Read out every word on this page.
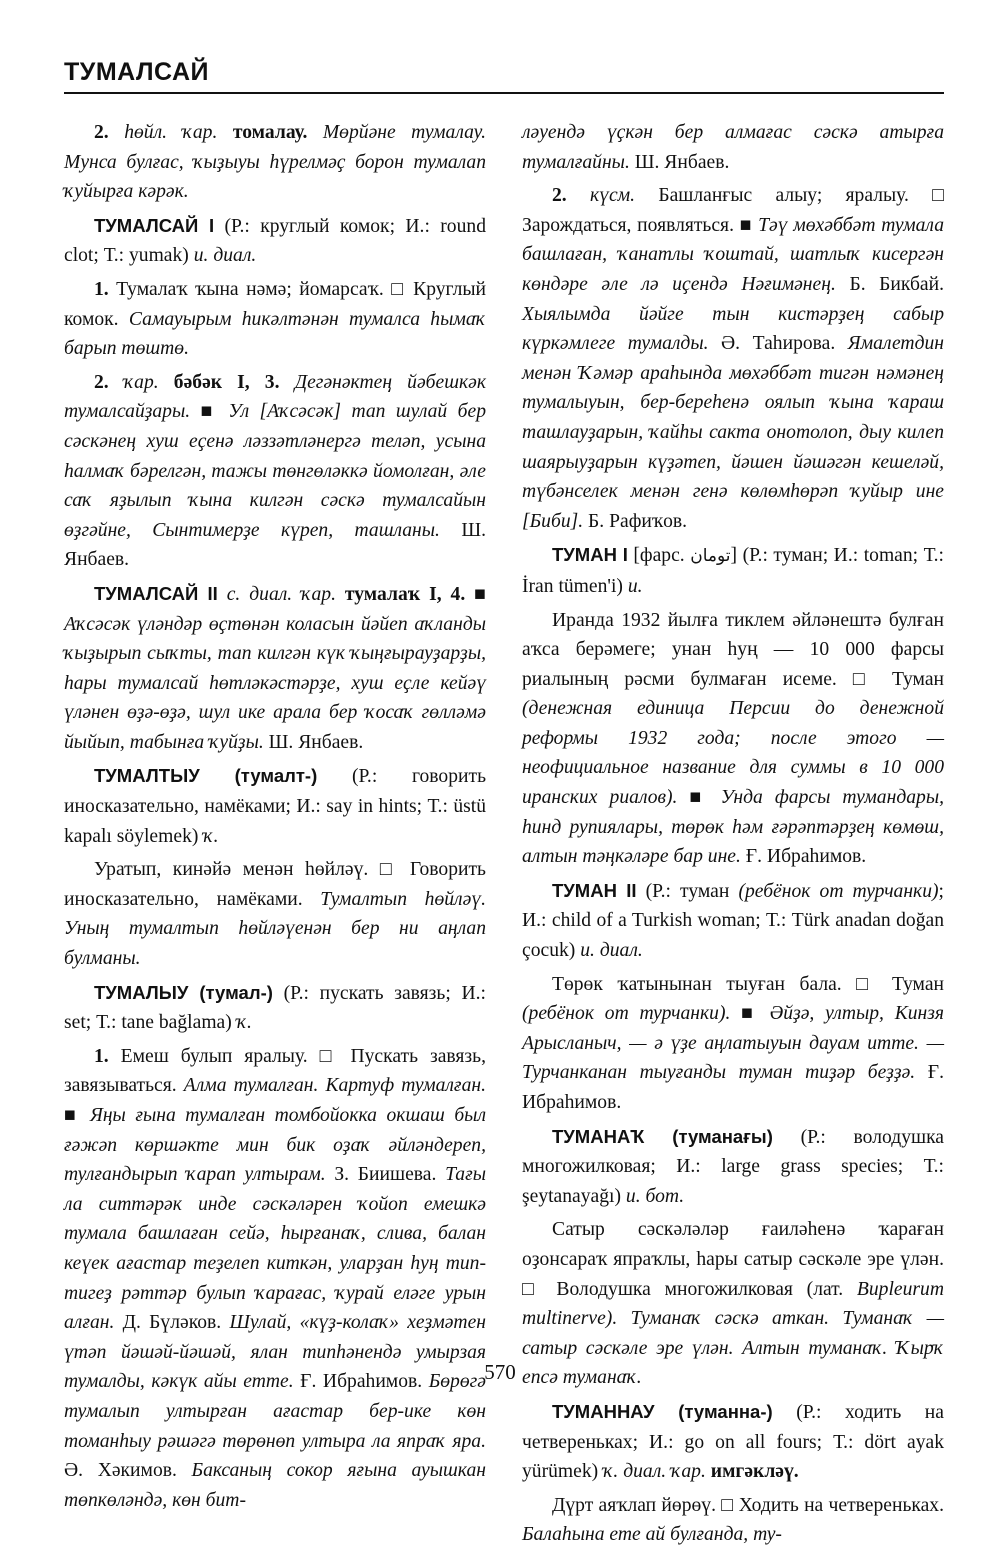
ТУМАЛСАЙ

2. һөйл. ҡар. томалау. Мөрйәне тумалау. Мунса булғас, ҡыҙыуы һүрелмәҫ борон тумалап ҡуйырға кәрәк.

ТУМАЛСАЙ I (Р.: круглый комок; И.: round clot; Т.: yumak) и. диал.

1. Тумалаҡ ҡына нәмә; йомарсаҡ. □ Круглый комок. Самауырым һикәлтәнән тумалса һымаҡ барып төштө.

2. ҡар. бәбәк I, 3. Дегәнәктең йәбешкәк тумалсайҙары. ■ Ул [Аҡсәсәк] тап шулай бер сәскәнең хуш еҫенә ләззәтләнергә теләп, усына һалмаҡ бәрелгән, тажы төнгөләккә йомолған, әле саҡ яҙылып ҡына килгән сәскә тумалсайын өҙгәйне, Сынтимерҙе күреп, ташланы. Ш. Янбаев.

ТУМАЛСАЙ II с. диал. ҡар. тумалаҡ I, 4. ■ Аҡсәсәк үләндәр өҫтөнән коласын йәйеп аҡланды ҡыҙырып сыҡты, тап килгән күк ҡыңғырауҙарҙы, һары тумалсай һөтләкәстәрҙе, хуш еҫле кейәү үләнен өҙә-өҙә, шул ике арала бер ҡосаҡ гөлләмә йыйып, табынға ҡуйҙы. Ш. Янбаев.

ТУМАЛТЫУ (тумалт-) (Р.: говорить иносказательно, намёками; И.: say in hints; Т.: üstü kapalı söylemek) ҡ.

Уратып, кинәйә менән һөйләү. □ Говорить иносказательно, намёками. Тумалтып һөйләү. Уның тумалтып һөйләүенән бер ни аңлап булманы.

ТУМАЛЫУ (тумал-) (Р.: пускать завязь; И.: set; Т.: tane bağlama) ҡ.

1. Емеш булып яралыу. □ Пускать завязь, завязываться. Алма тумалған. Картуф тумалған. ■ Яңы ғына тумалған томбойокка окшаш был ғәжәп көршәкте мин бик оҙаҡ әйләндереп, тулғандырып ҡарап ултырам. З. Биишева. Тағы ла ситтәрәк инде сәскәләрен ҡойоп емешкә тумала башлаған сейә, һырғанаҡ, слива, балан кеүек ағастар теҙелеп киткән, уларҙан һуң тип-тигеҙ рәттәр булып ҡарағас, ҡурай еләге урын алған. Д. Бүләков. Шулай, «күҙ-колаҡ» хеҙмәтен үтәп йәшәй-йәшәй, ялан типһәнендә умырзая тумалды, кәкүк айы етте. Ғ. Ибраһимов. Бөрөгә тумалып ултырған ағастар бер-ике көн томанһыу рәшәгә төрөнөп ултыра ла япраҡ яра. Ә. Хәкимов. Баксаның сокор яғына ауышкан төпкөләндә, көн бит-

ләуендә үҫкән бер алмағас сәскә атырға тумалғайны. Ш. Янбаев.

2. күсм. Башланғыс алыу; яралыу. □ Зарождаться, появляться. ■ Тәү мөхәббәт тумала башлаған, ҡанатлы ҡоштай, шатлыҡ кисергән көндәре әле лә иҫендә Нәғимәнең. Б. Бикбай. Хыялымда йәйге тын кистәрҙең сабыр күркәмлеге тумалды. Ә. Таһирова. Ямалетдин менән Ҡәмәр араһында мөхәббәт тигән нәмәнең тумалыуын, бер-береһенә оялып ҡына ҡараш ташлауҙарын, ҡайһы сакта онотолоп, дыу килеп шаярыуҙарын күҙәтеп, йәшен йәшәгән кешеләй, түбәнселек менән генә көлөмһөрәп ҡуйыр ине [Биби]. Б. Рафиҡов.

ТУМАН I [фарс. تومان] (Р.: туман; И.: toman; Т.: İran tümen'i) и.

Иранда 1932 йылға тиклем әйләнештә булған аҡса берәмеге; унан һуң — 10 000 фарсы риалының рәсми булмаған исеме. □ Туман (денежная единица Персии до денежной реформы 1932 года; после этого — неофициальное название для суммы в 10 000 иранских риалов). ■ Унда фарсы тумандары, һинд рупиялары, төрөк һәм ғәрәптәрҙең көмөш, алтын тәңкәләре бар ине. Ғ. Ибраһимов.

ТУМАН II (Р.: туман (ребёнок от турчанки); И.: child of a Turkish woman; Т.: Türk anadan doğan çocuk) и. диал.

Төрөк ҡатынынан тыуған бала. □ Туман (ребёнок от турчанки). ■ Әйҙә, ултыр, Кинзя Арысланыч, — ә үҙе аңлатыуын дауам итте. — Турчанканан тыуғанды туман тиҙәр беҙҙә. Ғ. Ибраһимов.

ТУМАНАҠ (туманағы) (Р.: володушка многожилковая; И.: large grass species; Т.: şeytanayağı) и. бот.

Сатыр сәскәләләр ғаиләһенә ҡараған оҙонсараҡ япраҡлы, һары сатыр сәскәле эре үлән. □ Володушка многожилковая (лат. Bupleurum multinerve). Туманаҡ сәскә аткан. Туманаҡ — сатыр сәскәле эре үлән. Алтын туманаҡ. Ҡырҡ епсә туманаҡ.

ТУМАННАУ (туманна-) (Р.: ходить на четвереньках; И.: go on all fours; Т.: dört ayak yürümek) ҡ. диал. ҡар. имгәкләү.

Дүрт аяҡлап йөрөү. □ Ходить на четвереньках. Балаһына ете ай булғанда, ту-

570
